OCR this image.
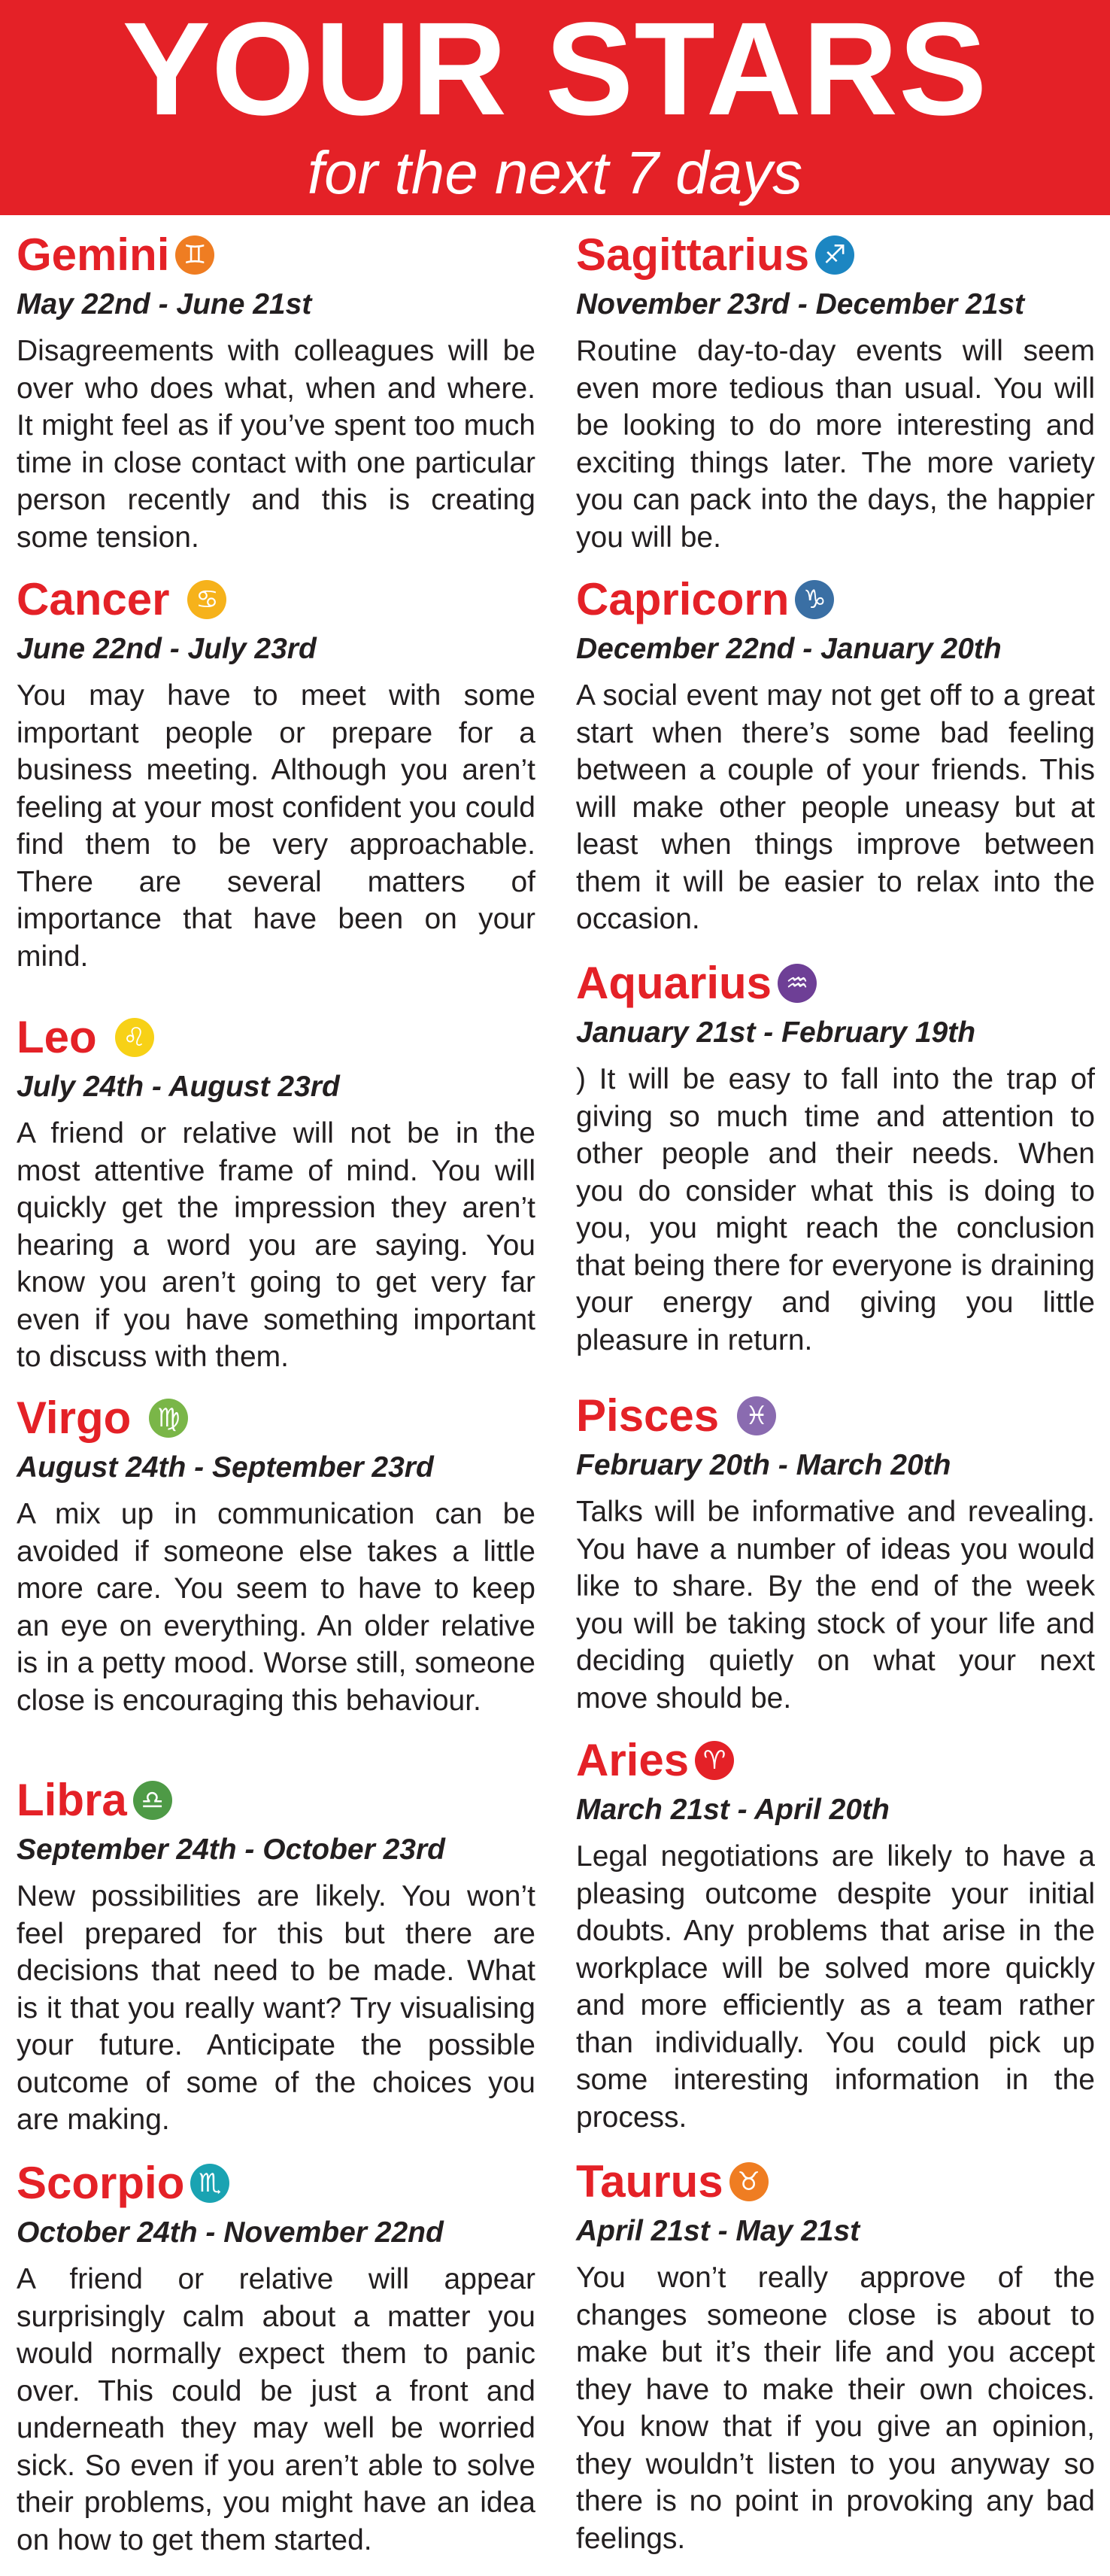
YOUR STARS
for the next 7 days
Gemini ♊
May 22nd - June 21st
Disagreements with colleagues will be over who does what, when and where. It might feel as if you’ve spent too much time in close contact with one particular person recently and this is creating some tension.
Cancer	♋
June 22nd - July 23rd
You may have to meet with some important people or prepare for a business meeting. Although you aren’t feeling at your most confident you could find them to be very approachable. There are several matters of importance that have been on your mind.
Leo	♌
July 24th - August 23rd
A friend or relative will not be in the most attentive frame of mind. You will quickly get the impression they aren’t hearing a word you are saying. You know you aren’t going to get very far even if you have something important to discuss with them.
Virgo	♍
August 24th - September 23rd
A mix up in communication can be avoided if someone else takes a little more care. You seem to have to keep an eye on everything. An older relative is in a petty mood. Worse still, someone close is encouraging this behaviour.
Libra ♎
September 24th - October 23rd
New possibilities are likely. You won’t feel prepared for this but there are decisions that need to be made. What is it that you really want? Try visualising your future. Anticipate the possible outcome of some of the choices you are making.
Scorpio ♏
October 24th - November 22nd
A friend or relative will appear surprisingly calm about a matter you would normally expect them to panic over. This could be just a front and underneath they may well be worried sick. So even if you aren’t able to solve their problems, you might have an idea on how to get them started.
Sagittarius ♐
November 23rd - December 21st
Routine day-to-day events will seem even more tedious than usual. You will be looking to do more interesting and exciting things later. The more variety you can pack into the days, the happier you will be.
Capricorn ♑
December 22nd - January 20th
A social event may not get off to a great start when there’s some bad feeling between a couple of your friends. This will make other people uneasy but at least when things improve between them it will be easier to relax into the occasion.
Aquarius ♒
January 21st - February 19th
) It will be easy to fall into the trap of giving so much time and attention to other people and their needs. When you do consider what this is doing to you, you might reach the conclusion that being there for everyone is draining your energy and giving you little pleasure in return.
Pisces	♓
February 20th - March 20th
Talks will be informative and revealing. You have a number of ideas you would like to share. By the end of the week you will be taking stock of your life and deciding quietly on what your next move should be.
Aries ♈
March 21st - April 20th
Legal negotiations are likely to have a pleasing outcome despite your initial doubts. Any problems that arise in the workplace will be solved more quickly and more efficiently as a team rather than individually. You could pick up some interesting information in the process.
Taurus ♉
April 21st - May 21st
You won’t really approve of the changes someone close is about to make but it’s their life and you accept they have to make their own choices. You know that if you give an opinion, they wouldn’t listen to you anyway so there is no point in provoking any bad feelings.
